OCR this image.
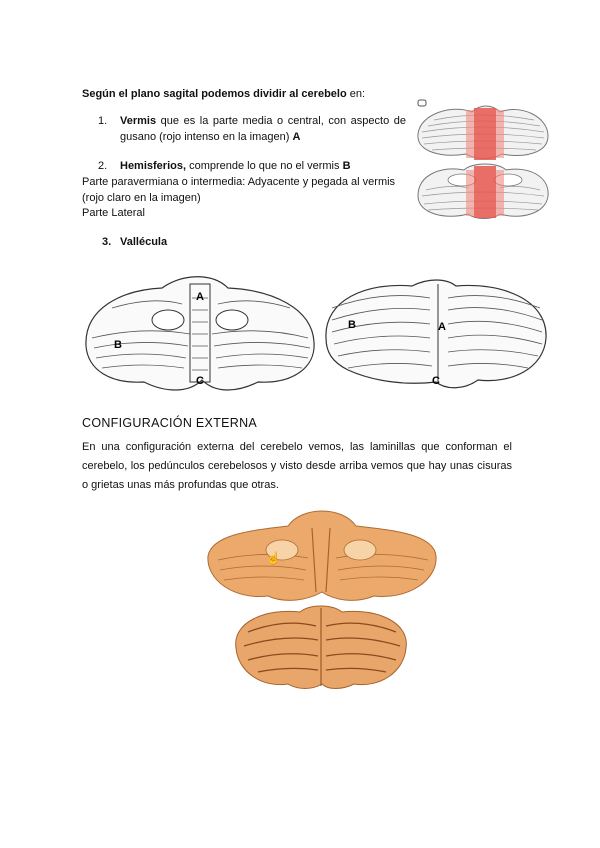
Según el plano sagital podemos dividir al cerebelo en:

1. Vermis que es la parte media o central, con aspecto de gusano (rojo intenso en la imagen) A

2. Hemisferios, comprende lo que no el vermis B

Parte paravermiana o intermedia: Adyacente y pegada al vermis (rojo claro en la imagen)

Parte Lateral

3. Vallécula

A
B
C
A
B
C
CONFIGURACIÓN EXTERNA

En una configuración externa del cerebelo vemos, las laminillas que conforman el cerebelo, los pedúnculos cerebelosos y visto desde arriba vemos que hay unas cisuras o grietas unas más profundas que otras.

☝
